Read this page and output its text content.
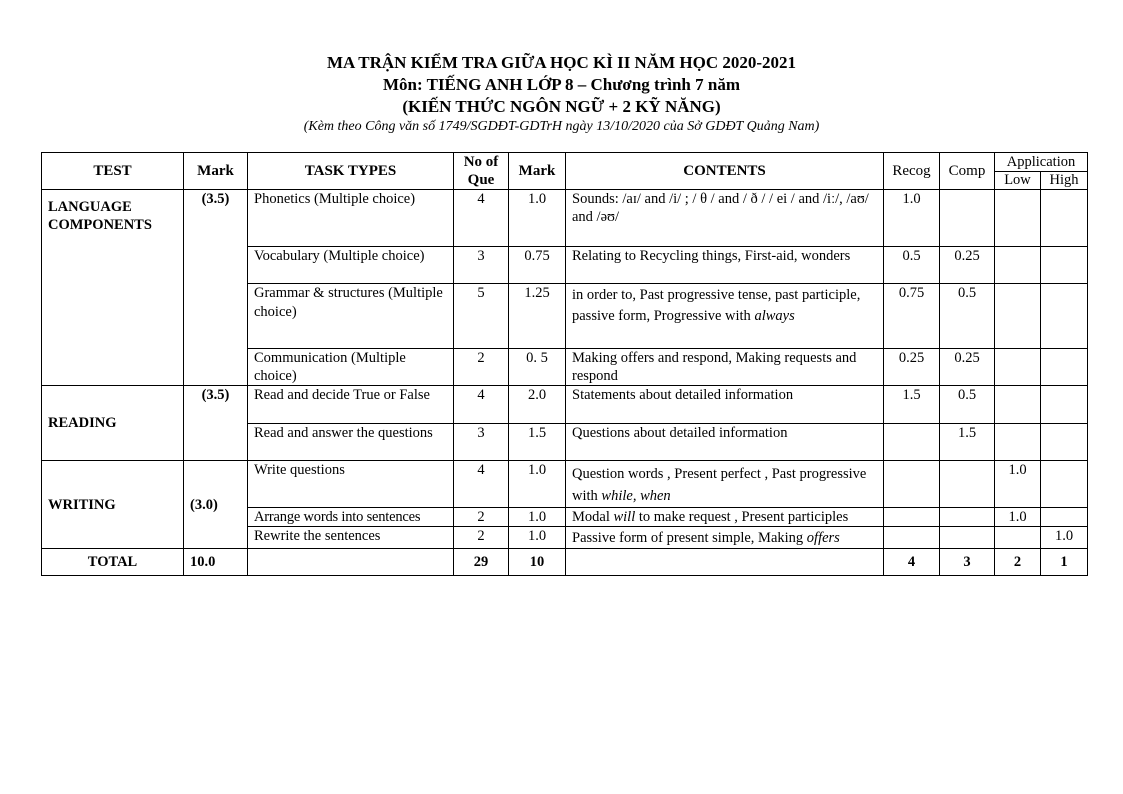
MA TRẬN KIỂM TRA GIỮA HỌC KÌ II NĂM HỌC 2020-2021
Môn: TIẾNG ANH LỚP 8 – Chương trình 7 năm
(KIẾN THỨC NGÔN NGỮ + 2 KỸ NĂNG)
(Kèm theo Công văn số 1749/SGDĐT-GDTrH ngày 13/10/2020 của Sở GDĐT Quảng Nam)
TEST	Mark	TASK TYPES	No of Que	Mark	CONTENTS	Recog	Comp	Application	
								Low	High
LANGUAGE COMPONENTS	(3.5)	Phonetics (Multiple choice)	4	1.0	Sounds: /aɪ/ and /i/ ; / θ / and / ð / / ei / and /iː/, /aʊ/ and /əʊ/	1.0			
		Vocabulary (Multiple choice)	3	0.75	Relating to Recycling things, First-aid, wonders	0.5	0.25		
		Grammar & structures (Multiple choice)	5	1.25	in order to, Past progressive tense, past participle, passive form, Progressive with always	0.75	0.5		
		Communication (Multiple choice)	2	0. 5	Making offers and respond, Making requests and respond	0.25	0.25		
READING	(3.5)	Read and decide True or False	4	2.0	Statements about detailed information	1.5	0.5		
		Read and answer the questions	3	1.5	Questions about detailed information		1.5		
WRITING	(3.0)	Write questions	4	1.0	Question words , Present perfect , Past progressive with while, when			1.0	
		Arrange words into sentences	2	1.0	Modal will to make request , Present participles			1.0	
		Rewrite the sentences	2	1.0	Passive form of present simple, Making offers				1.0
TOTAL	10.0		29	10		4	3	2	1
